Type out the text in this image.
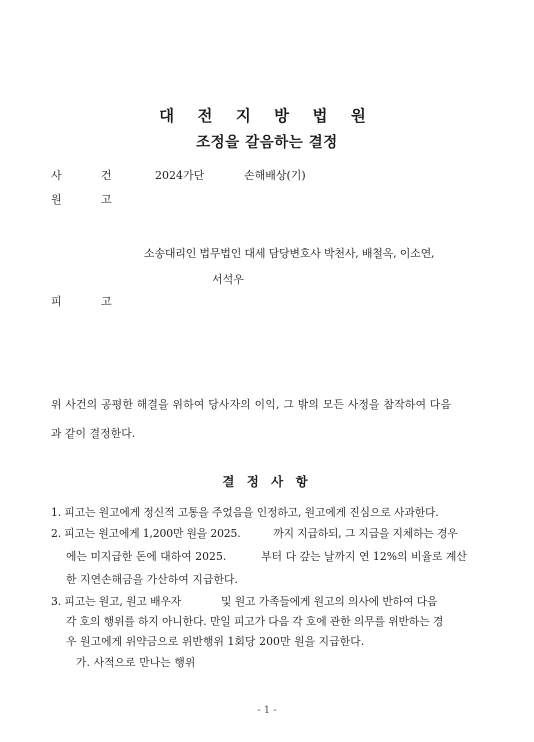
대 전 지 방 법 원
조정을 갈음하는 결정
사	건	2024가단	손해배상(기)
원	고
소송대리인 법무법인 대세 담당변호사 박천사, 배철옥, 이소연,
서석우
피	고
위 사건의 공평한 해결을 위하여 당사자의 이익, 그 밖의 모든 사정을 참작하여 다음
과 같이 결정한다.
결 정 사 항
1. 피고는 원고에게 정신적 고통을 주었음을 인정하고, 원고에게 진심으로 사과한다.
2. 피고는 원고에게 1,200만 원을 2025.          까지 지급하되, 그 지급을 지체하는 경우
에는 미지급한 돈에 대하여 2025.          부터 다 갚는 날까지 연 12%의 비율로 계산
한 지연손해금을 가산하여 지급한다.
3. 피고는 원고, 원고 배우자            및 원고 가족들에게 원고의 의사에 반하여 다음
각 호의 행위를 하지 아니한다. 만일 피고가 다음 각 호에 관한 의무를 위반하는 경
우 원고에게 위약금으로 위반행위 1회당 200만 원을 지급한다.
가. 사적으로 만나는 행위
- 1 -
